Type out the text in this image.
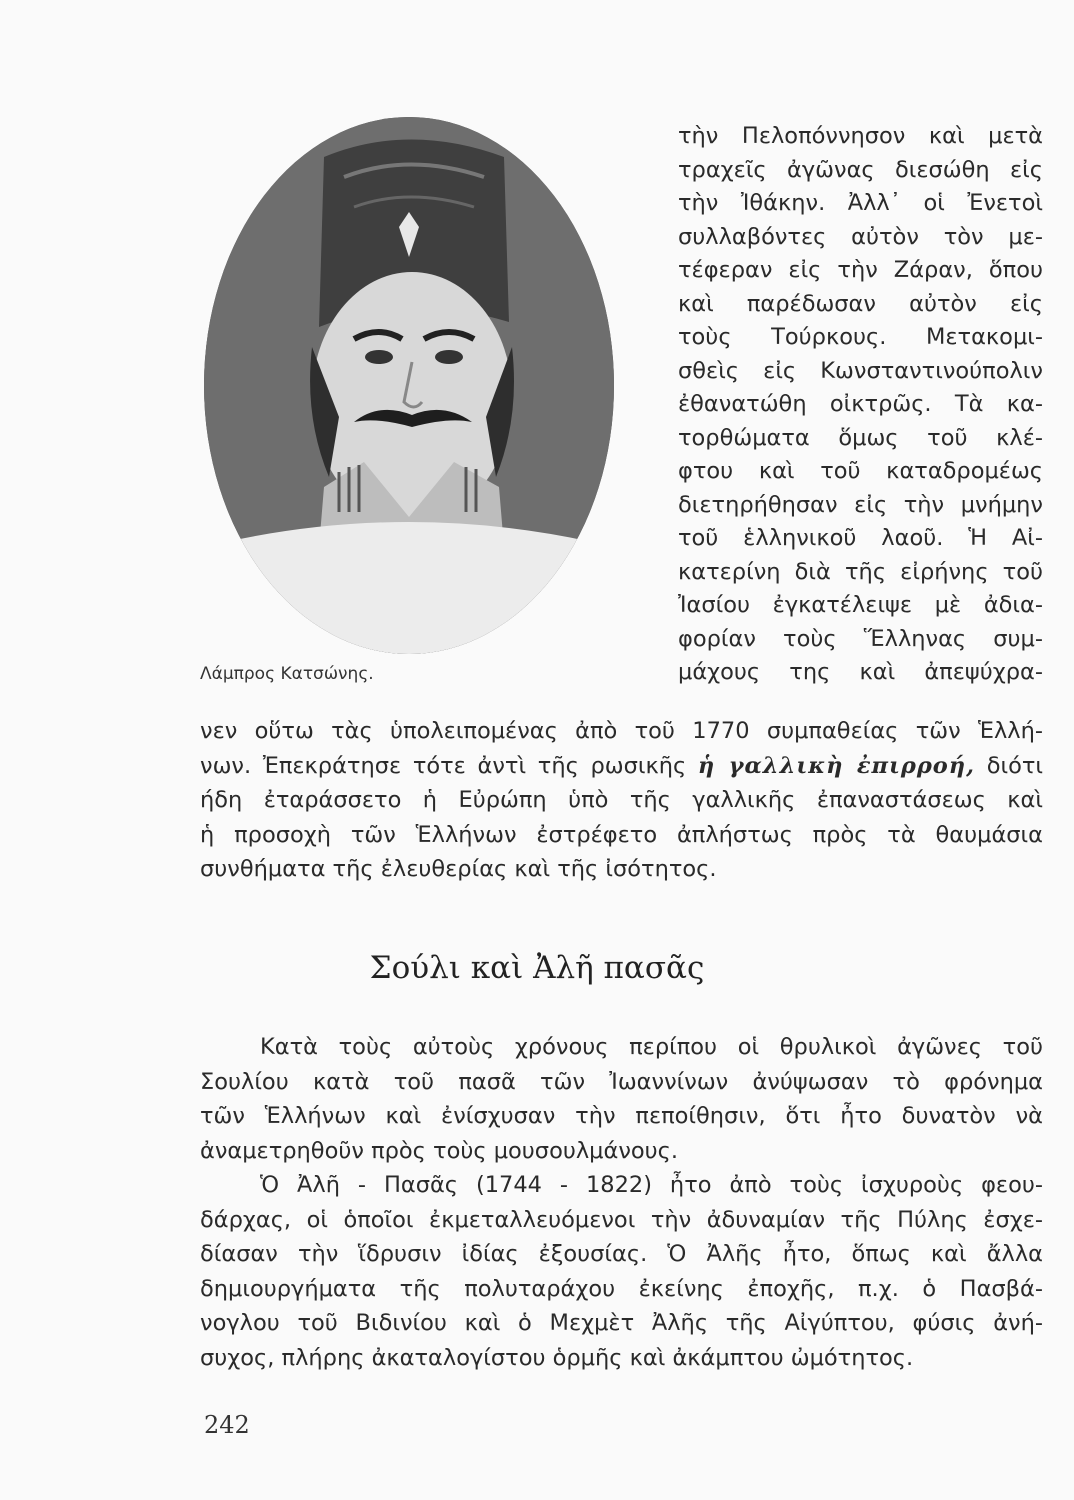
Λάμπρος Κατσώνης.
τὴν Πελοπόννησον καὶ μετὰ
τραχεῖς ἀγῶνας διεσώθη εἰς
τὴν Ἰθάκην. Ἀλλ᾿ οἱ Ἐνετοὶ
συλλαβόντες αὐτὸν τὸν με-
τέφεραν εἰς τὴν Ζάραν, ὅπου
καὶ παρέδωσαν αὐτὸν εἰς
τοὺς Τούρκους. Μετακομι-
σθεὶς εἰς Κωνσταντινούπολιν
ἐθανατώθη οἰκτρῶς. Τὰ κα-
τορθώματα ὅμως τοῦ κλέ-
φτου καὶ τοῦ καταδρομέως
διετηρήθησαν εἰς τὴν μνήμην
τοῦ ἑλληνικοῦ λαοῦ. Ἡ Αἰ-
κατερίνη διὰ τῆς εἰρήνης τοῦ
Ἰασίου ἐγκατέλειψε μὲ ἀδια-
φορίαν τοὺς Ἕλληνας συμ-
μάχους της καὶ ἀπεψύχρα-
νεν οὕτω τὰς ὑπολειπομένας ἀπὸ τοῦ 1770 συμπαθείας τῶν Ἑλλή-
νων. Ἐπεκράτησε τότε ἀντὶ τῆς ρωσικῆς ἡ γαλλικὴ ἐπιρροή, διότι
ήδη ἐταράσσετο ἡ Εὐρώπη ὑπὸ τῆς γαλλικῆς ἐπαναστάσεως καὶ
ἡ προσοχὴ τῶν Ἑλλήνων ἐστρέφετο ἀπλήστως πρὸς τὰ θαυμάσια
συνθήματα τῆς ἐλευθερίας καὶ τῆς ἰσότητος.
Σούλι καὶ Ἀλῆ πασᾶς
Κατὰ τοὺς αὐτοὺς χρόνους περίπου οἱ θρυλικοὶ ἀγῶνες τοῦ
Σουλίου κατὰ τοῦ πασᾶ τῶν Ἰωαννίνων ἀνύψωσαν τὸ φρόνημα
τῶν Ἑλλήνων καὶ ἐνίσχυσαν τὴν πεποίθησιν, ὅτι ἦτο δυνατὸν νὰ
ἀναμετρηθοῦν πρὸς τοὺς μουσουλμάνους.
Ὁ Ἀλῆ - Πασᾶς (1744 - 1822) ἦτο ἀπὸ τοὺς ἰσχυροὺς φεου-
δάρχας, οἱ ὁποῖοι ἐκμεταλλευόμενοι τὴν ἀδυναμίαν τῆς Πύλης ἐσχε-
δίασαν τὴν ἵδρυσιν ἰδίας ἐξουσίας. Ὁ Ἀλῆς ἦτο, ὅπως καὶ ἄλλα
δημιουργήματα τῆς πολυταράχου ἐκείνης ἐποχῆς, π.χ. ὁ Πασβά-
νογλου τοῦ Βιδινίου καὶ ὁ Μεχμὲτ Ἀλῆς τῆς Αἰγύπτου, φύσις ἀνή-
συχος, πλήρης ἀκαταλογίστου ὁρμῆς καὶ ἀκάμπτου ὠμότητος.
242
